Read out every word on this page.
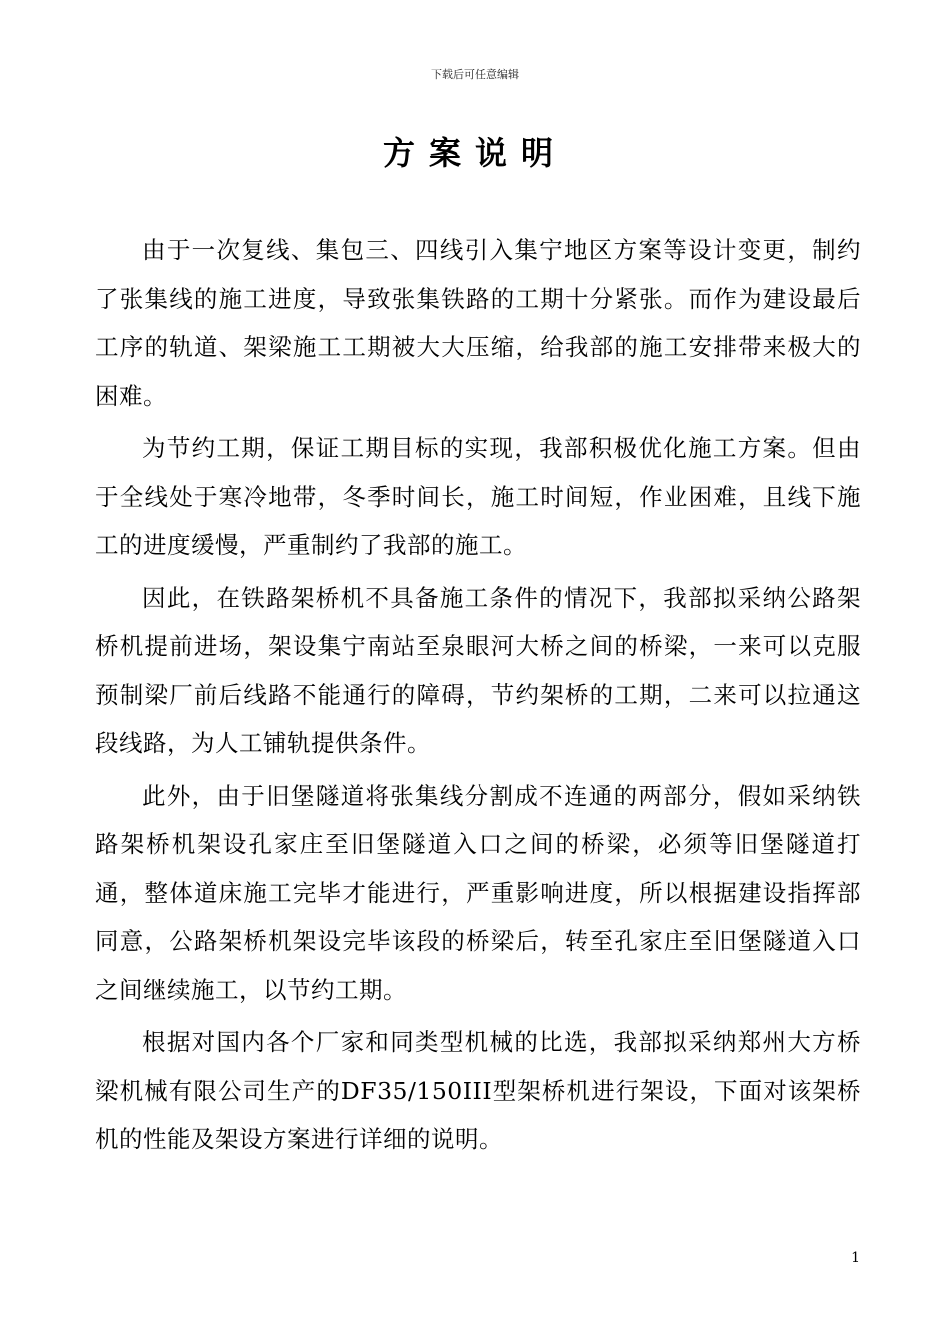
下载后可任意编辑
方案说明

由于一次复线、集包三、四线引入集宁地区方案等设计变更，制约了张集线的施工进度，导致张集铁路的工期十分紧张。而作为建设最后工序的轨道、架梁施工工期被大大压缩，给我部的施工安排带来极大的困难。

为节约工期，保证工期目标的实现，我部积极优化施工方案。但由于全线处于寒冷地带，冬季时间长，施工时间短，作业困难，且线下施工的进度缓慢，严重制约了我部的施工。

因此，在铁路架桥机不具备施工条件的情况下，我部拟采纳公路架桥机提前进场，架设集宁南站至泉眼河大桥之间的桥梁，一来可以克服预制梁厂前后线路不能通行的障碍，节约架桥的工期，二来可以拉通这段线路，为人工铺轨提供条件。

此外，由于旧堡隧道将张集线分割成不连通的两部分，假如采纳铁路架桥机架设孔家庄至旧堡隧道入口之间的桥梁，必须等旧堡隧道打通，整体道床施工完毕才能进行，严重影响进度，所以根据建设指挥部同意，公路架桥机架设完毕该段的桥梁后，转至孔家庄至旧堡隧道入口之间继续施工，以节约工期。

根据对国内各个厂家和同类型机械的比选，我部拟采纳郑州大方桥梁机械有限公司生产的DF35/150III型架桥机进行架设，下面对该架桥机的性能及架设方案进行详细的说明。

1
